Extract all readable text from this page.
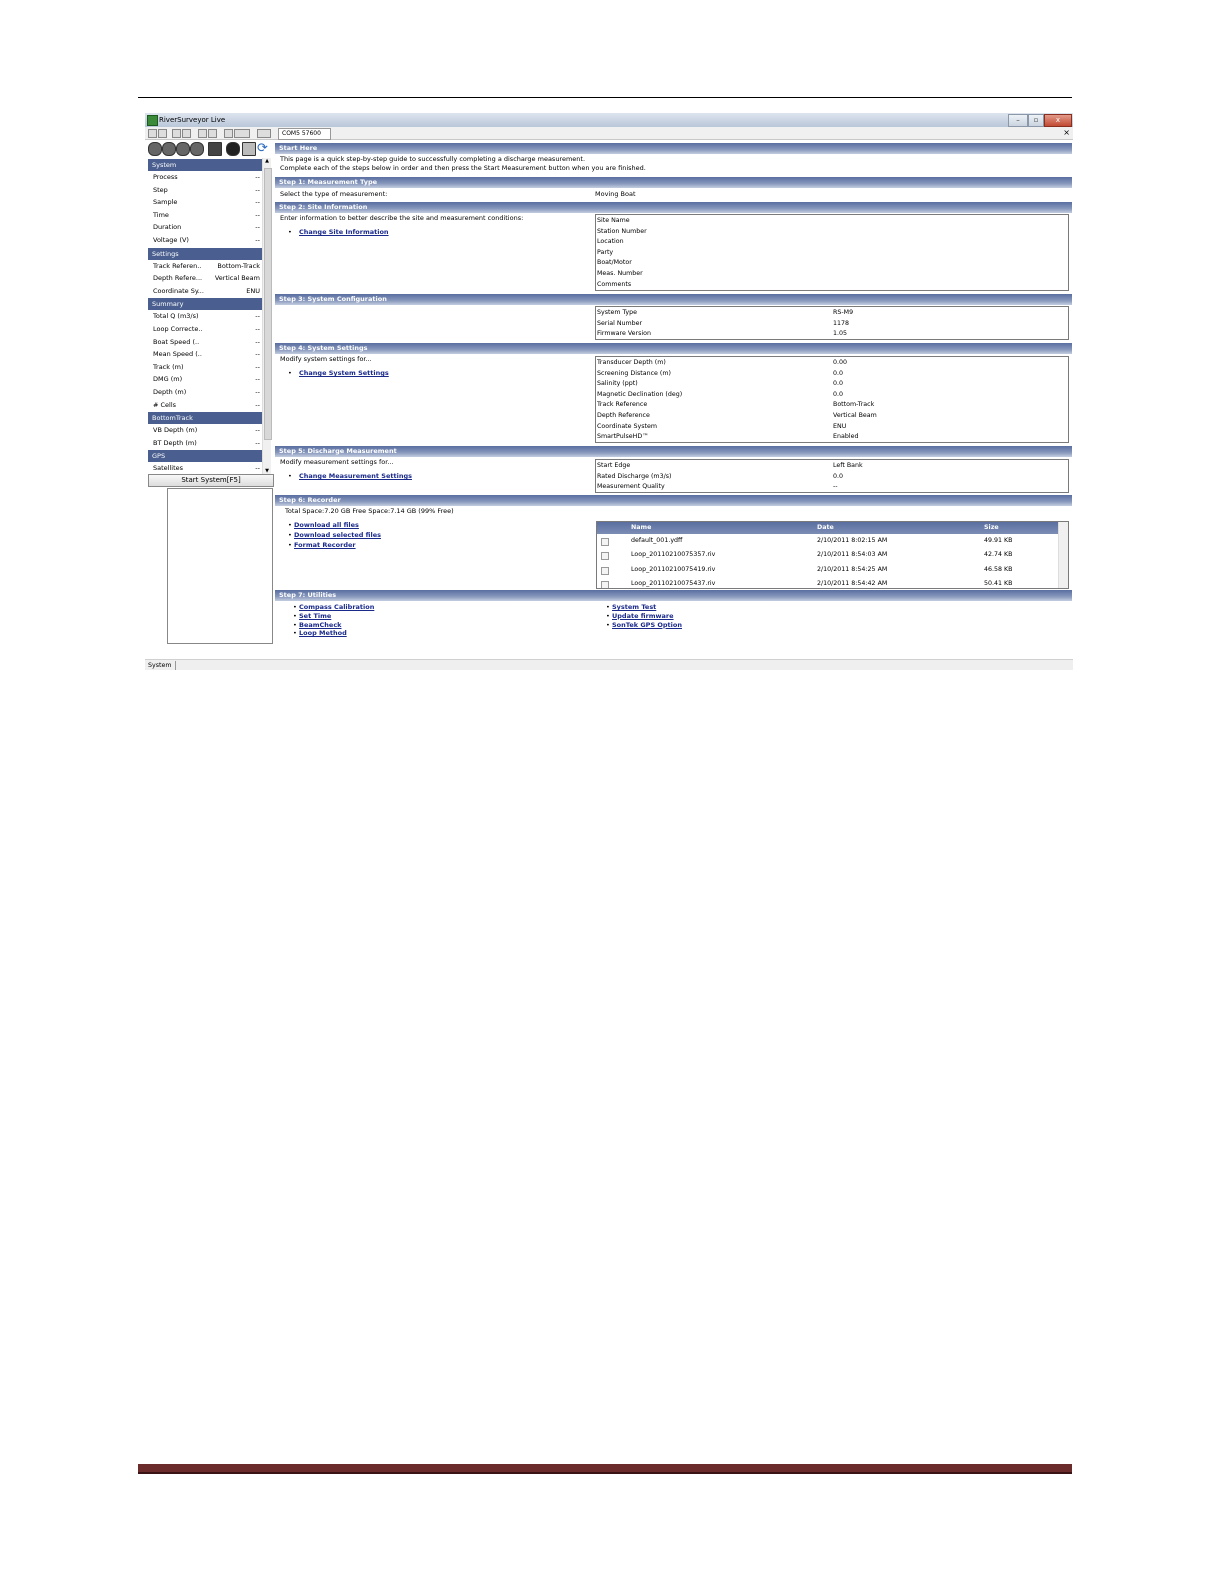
RiverSurveyor Live	–	▫	x
COM5 57600	×
⟳
System
Process	--
Step	--
Sample	--
Time	--
Duration	--
Voltage (V)	--
Settings
Track Referen.. Bottom-Track
Depth Refere... Vertical Beam
Coordinate Sy...	ENU
Summary
Total Q (m3/s)	--
Loop Correcte..	--
Boat Speed (..	--
Mean Speed (..	--
Track (m)	--
DMG (m)	--
Depth (m)	--
# Cells	--
BottomTrack
VB Depth (m)	--
BT Depth (m)	--
GPS
Satellites	--
▲
▼
Start System[F5]
Start Here
This page is a quick step-by-step guide to successfully completing a discharge measurement.
Complete each of the steps below in order and then press the Start Measurement button when you are finished.
Step 1: Measurement Type
Select the type of measurement:	Moving Boat
Step 2: Site Information
Enter information to better describe the site and measurement conditions:
• Change Site Information
Site Name
Station Number
Location
Party
Boat/Motor
Meas. Number
Comments
Step 3: System Configuration
System Type	RS-M9
Serial Number	1178
Firmware Version	1.05
Step 4: System Settings
Modify system settings for...
• Change System Settings
Transducer Depth (m)	0.00
Screening Distance (m)	0.0
Salinity (ppt)	0.0
Magnetic Declination (deg)	0.0
Track Reference	Bottom-Track
Depth Reference	Vertical Beam
Coordinate System	ENU
SmartPulseHD™	Enabled
Step 5: Discharge Measurement
Modify measurement settings for...
• Change Measurement Settings
Start Edge	Left Bank
Rated Discharge (m3/s)	0.0
Measurement Quality	--
Step 6: Recorder
Total Space:7.20 GB Free Space:7.14 GB (99% Free)
• Download all files
• Download selected files
• Format Recorder
Name	Date	Size
default_001.ydff	2/10/2011 8:02:15 AM	49.91 KB
Loop_20110210075357.riv	2/10/2011 8:54:03 AM	42.74 KB
Loop_20110210075419.riv	2/10/2011 8:54:25 AM	46.58 KB
Loop_20110210075437.riv	2/10/2011 8:54:42 AM	50.41 KB
Step 7: Utilities
• Compass Calibration
• Set Time
• BeamCheck
• Loop Method
• System Test
• Update firmware
• SonTek GPS Option
System
